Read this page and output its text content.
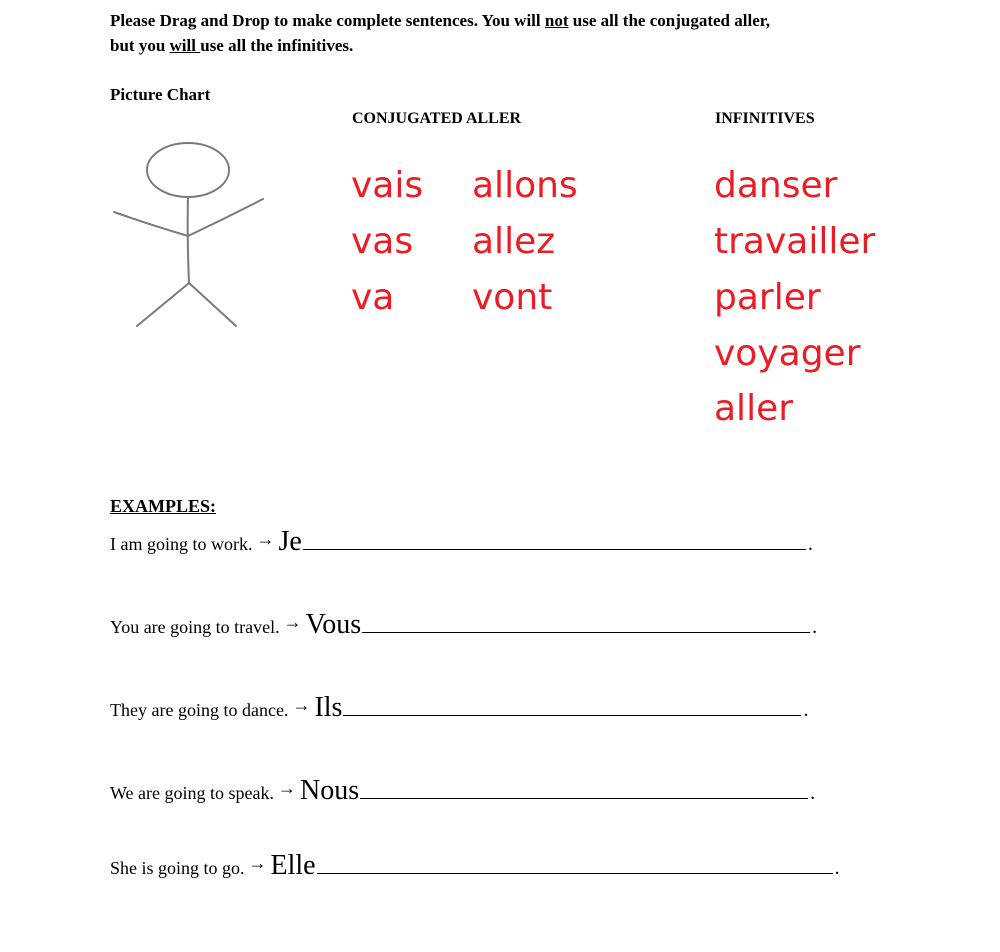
Please Drag and Drop to make complete sentences. You will not use all the conjugated aller,
but you will use all the infinitives.
Picture Chart
CONJUGATED ALLER	INFINITIVES
vais
vas
va
allons
allez
vont
danser
travailler
parler
voyager
aller
EXAMPLES:
I am going to work. → Je	.
You are going to travel. → Vous	.
They are going to dance. → Ils	.
We are going to speak. → Nous	.
She is going to go. → Elle	.
